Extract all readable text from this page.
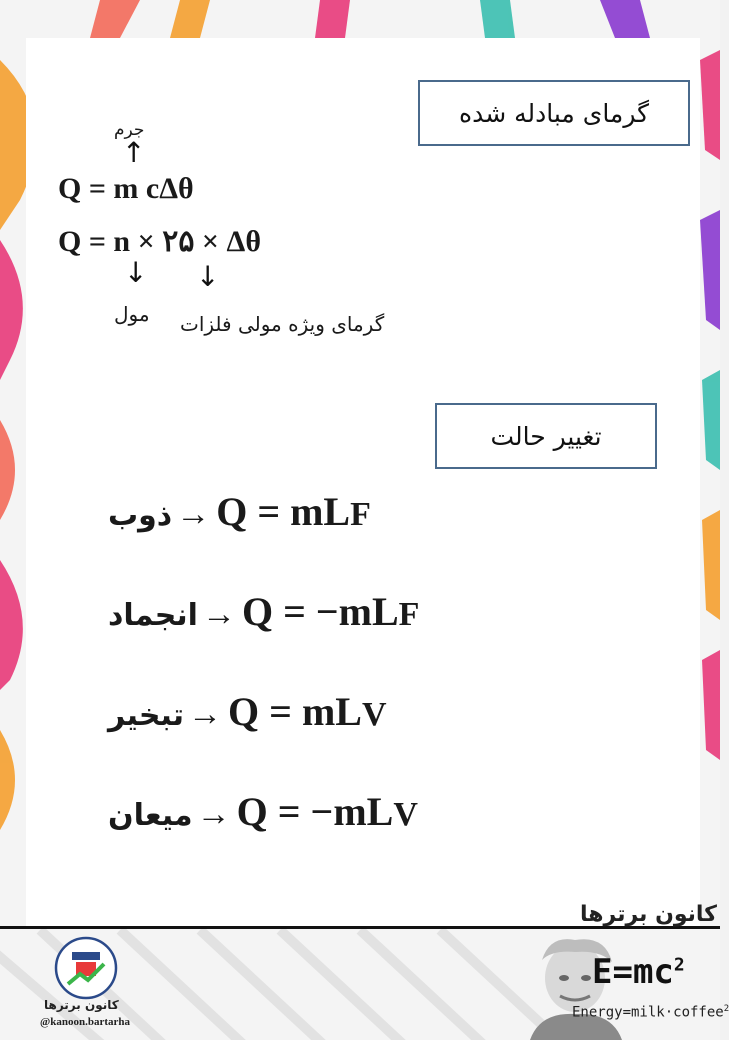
گرمای مبادله شده
جرم
↑
Q = m cΔθ
Q = n × ۲۵ × Δθ
↓ ↓
مول گرمای ویژه مولی فلزات
تغییر حالت
ذوب → Q = mL F
انجماد → Q = −mL F
تبخیر → Q = mL V
میعان → Q = −mL V
کانون برترها
@kanoon.bartarha
کانون برترها
$E=mc^2$
Energy=milk·coffee$^2$
